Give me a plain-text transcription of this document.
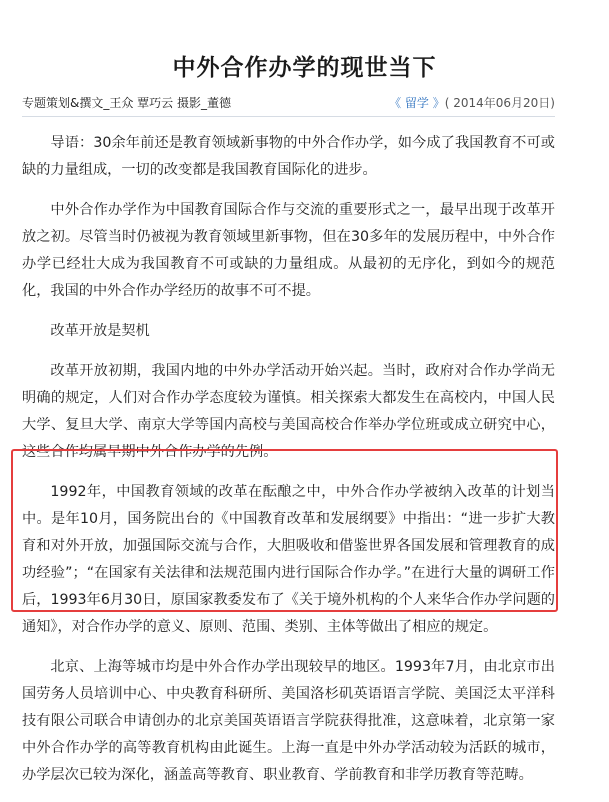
中外合作办学的现世当下
专题策划&撰文_王众 覃巧云 摄影_董德	《 留学 》( 2014年06月20日)

导语：30余年前还是教育领域新事物的中外合作办学，如今成了我国教育不可或缺的力量组成，一切的改变都是我国教育国际化的进步。

中外合作办学作为中国教育国际合作与交流的重要形式之一，最早出现于改革开放之初。尽管当时仍被视为教育领域里新事物，但在30多年的发展历程中，中外合作办学已经壮大成为我国教育不可或缺的力量组成。从最初的无序化，到如今的规范化，我国的中外合作办学经历的故事不可不提。

改革开放是契机

改革开放初期，我国内地的中外办学活动开始兴起。当时，政府对合作办学尚无明确的规定，人们对合作办学态度较为谨慎。相关探索大都发生在高校内，中国人民大学、复旦大学、南京大学等国内高校与美国高校合作举办学位班或成立研究中心，这些合作均属早期中外合作办学的先例。

1992年，中国教育领域的改革在酝酿之中，中外合作办学被纳入改革的计划当中。是年10月，国务院出台的《中国教育改革和发展纲要》中指出：“进一步扩大教育和对外开放，加强国际交流与合作，大胆吸收和借鉴世界各国发展和管理教育的成功经验”；“在国家有关法律和法规范围内进行国际合作办学。”在进行大量的调研工作后，1993年6月30日，原国家教委发布了《关于境外机构的个人来华合作办学问题的通知》，对合作办学的意义、原则、范围、类别、主体等做出了相应的规定。

北京、上海等城市均是中外合作办学出现较早的地区。1993年7月，由北京市出国劳务人员培训中心、中央教育科研所、美国洛杉矶英语语言学院、美国泛太平洋科技有限公司联合申请创办的北京美国英语语言学院获得批准，这意味着，北京第一家中外合作办学的高等教育机构由此诞生。上海一直是中外办学活动较为活跃的城市，办学层次已较为深化，涵盖高等教育、职业教育、学前教育和非学历教育等范畴。
